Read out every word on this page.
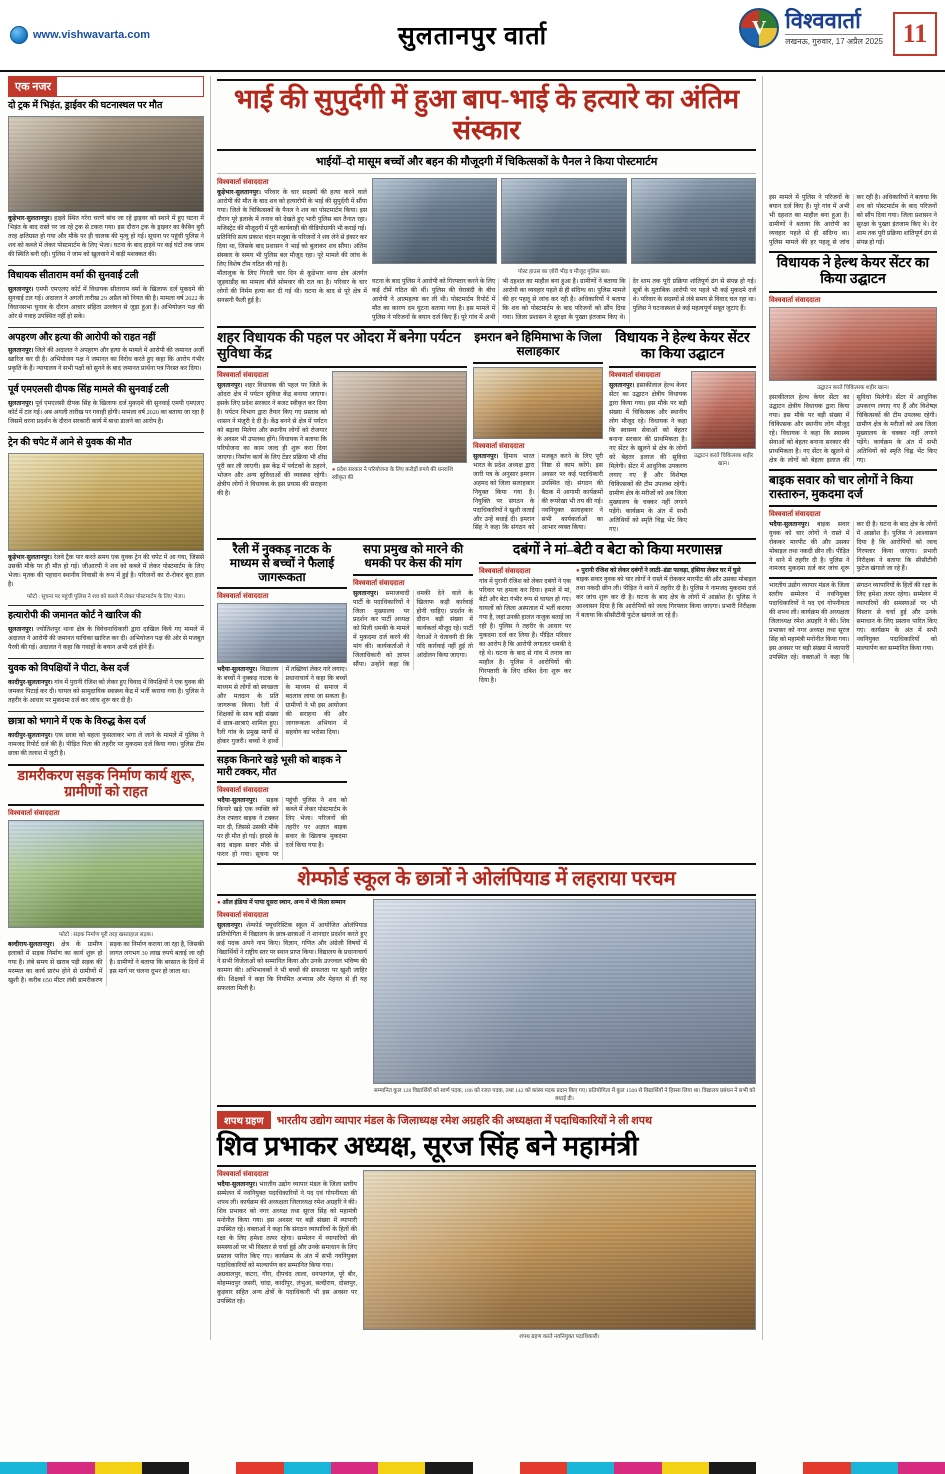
www.vishwavarta.com	सुलतानपुर वार्ता	V विश्ववार्ता
लखनऊ, गुरुवार, 17 अप्रैल 2025 11
एक नजर
दो ट्रक में भिड़ंत, ड्राईवर की घटनास्थल पर मौत
कूड़ेभार-सुलतानपुर। हाइवे स्थित गरेरा चरणे बांध जा रहे ड्राइवर को स्थाने में हुए घटना में भिड़ंत के बाद रास्ते पर जा रहे ट्रक से टकरा गया। इस दौरान ट्रक के ड्राइवर का कैबिन बुरी तरह क्षतिग्रस्त हो गया और मौके पर ही चालक की मृत्यु हो गई। सूचना पर पहुंची पुलिस ने शव को कब्जे में लेकर पोस्टमार्टम के लिए भेजा। घटना के बाद हाइवे पर कई घंटों तक जाम की स्थिति बनी रही। पुलिस ने जाम को खुलवाने में कड़ी मशक्कत की।
विधायक सीताराम वर्मा की सुनवाई टली
सुलतानपुर। एमपी एमएलए कोर्ट में विधायक सीताराम वर्मा के खिलाफ दर्ज मुकदमे की सुनवाई टल गई। अदालत ने अगली तारीख 29 अप्रैल को नियत की है। मामला वर्ष 2022 के विधानसभा चुनाव के दौरान आचार संहिता उल्लंघन से जुड़ा हुआ है। अभियोजन पक्ष की ओर से गवाह उपस्थित नहीं हो सके।
अपहरण और हत्या की आरोपी को राहत नहीं
सुलतानपुर। जिले की अदालत ने अपहरण और हत्या के मामले में आरोपी की जमानत अर्जी खारिज कर दी है। अभियोजन पक्ष ने जमानत का विरोध करते हुए कहा कि आरोप गंभीर प्रकृति के हैं। न्यायालय ने सभी पक्षों को सुनने के बाद जमानत प्रार्थना पत्र निरस्त कर दिया।
पूर्व एमएलसी दीपक सिंह मामले की सुनवाई टली
सुलतानपुर। पूर्व एमएलसी दीपक सिंह के खिलाफ दर्ज मुकदमे की सुनवाई एमपी एमएलए कोर्ट में टल गई। अब अगली तारीख पर गवाही होगी। मामला वर्ष 2020 का बताया जा रहा है जिसमें धरना प्रदर्शन के दौरान सरकारी कार्य में बाधा डालने का आरोप है।
ट्रेन की चपेट में आने से युवक की मौत
कूड़ेभार-सुलतानपुर। रेलवे ट्रैक पार करते समय एक युवक ट्रेन की चपेट में आ गया, जिससे उसकी मौके पर ही मौत हो गई। जीआरपी ने शव को कब्जे में लेकर पोस्टमार्टम के लिए भेजा। मृतक की पहचान स्थानीय निवासी के रूप में हुई है। परिजनों का रो-रोकर बुरा हाल है।
फोटो : सूचना पर पहुंची पुलिस ने शव को कब्जे में लेकर पोस्टमार्टम के लिए भेजा।
हत्यारोपी की जमानत कोर्ट ने खारिज की
सुलतानपुर। ज्योतिशपुर थाना क्षेत्र के विवेचनाधिकारी द्वारा दाखिल किये गए मामले में अदालत ने आरोपी की जमानत याचिका खारिज कर दी। अभियोजन पक्ष की ओर से मजबूत पैरवी की गई। अदालत ने कहा कि गवाहों के बयान अभी दर्ज होने हैं।
युवक को विपक्षियों ने पीटा, केस दर्ज
कादीपुर-सुलतानपुर। गांव में पुरानी रंजिश को लेकर हुए विवाद में विपक्षियों ने एक युवक की जमकर पिटाई कर दी। घायल को सामुदायिक स्वास्थ्य केंद्र में भर्ती कराया गया है। पुलिस ने तहरीर के आधार पर मुकदमा दर्ज कर जांच शुरू कर दी है।
छात्रा को भगाने में एक के विरुद्ध केस दर्ज
कादीपुर-सुलतानपुर। एक छात्रा को बहला फुसलाकर भगा ले जाने के मामले में पुलिस ने नामजद रिपोर्ट दर्ज की है। पीड़ित पिता की तहरीर पर मुकदमा दर्ज किया गया। पुलिस टीम छात्रा की तलाश में जुटी है।
डामरीकरण सड़क निर्माण कार्य शुरू, ग्रामीणों को राहत
विश्ववार्ता संवाददाता
फोटो : सड़क निर्माण पूरी तरह खस्ताहाल सड़क।
बल्दीराय-सुलतानपुर। क्षेत्र के ग्रामीण इलाकों में सड़क निर्माण का कार्य शुरू हो गया है। लंबे समय से खराब पड़ी सड़क की मरम्मत का कार्य प्रारंभ होने से ग्रामीणों में खुशी है। करीब 650 मीटर लंबी डामरीकरण सड़क का निर्माण कराया जा रहा है, जिसकी लागत लगभग 30 लाख रुपये बताई जा रही है। ग्रामीणों ने बताया कि बरसात के दिनों में इस मार्ग पर चलना दूभर हो जाता था।
भाई की सुपुर्दगी में हुआ बाप-भाई के हत्यारे का अंतिम संस्कार
भाईयों–दो मासूम बच्चों और बहन की मौजूदगी में चिकित्सकों के पैनल ने किया पोस्टमार्टम
विश्ववार्ता संवाददाता
कूड़ेभार-सुलतानपुर। परिवार के चार सदस्यों की हत्या करने वाले आरोपी की मौत के बाद शव को हत्यारोपी के भाई की सुपुर्दगी में सौंपा गया। जिले के चिकित्सकों के पैनल ने शव का पोस्टमार्टम किया। इस दौरान पूरे इलाके में तनाव को देखते हुए भारी पुलिस बल तैनात रहा। मजिस्ट्रेट की मौजूदगी में पूरी कार्यवाही की वीडियोग्राफी भी कराई गई।
प्रतिनिधि सत्य प्रकाश चंदन मजूबा के परिजनों ने शव लेने से इंकार कर दिया था, जिसके बाद प्रशासन ने भाई को बुलाकर शव सौंपा। अंतिम संस्कार के समय भी पुलिस बल मौजूद रहा। पूरे मामले की जांच के लिए विशेष टीम गठित की गई है।
मौतालुक के लिए गिनती चार दिन से कूड़ेभार थाना क्षेत्र अंतर्गत जुड़वाडीह का मामला बीते सोमवार की रात का है। परिवार के चार लोगों की निर्मम हत्या कर दी गई थी। घटना के बाद से पूरे क्षेत्र में सनसनी फैली हुई है।
पोस्ट हाउस का ज़ोरी भीड़ व मौजूद पुलिस बल।
घटना के बाद पुलिस ने आरोपी को गिरफ्तार करने के लिए कई टीमें गठित की थीं। पुलिस की घेराबंदी के बीच आरोपी ने आत्महत्या कर ली थी। पोस्टमार्टम रिपोर्ट में मौत का कारण दम घुटना बताया गया है। इस मामले में पुलिस ने परिजनों के बयान दर्ज किए हैं। पूरे गांव में अभी भी दहशत का माहौल बना हुआ है। ग्रामीणों ने बताया कि आरोपी का व्यवहार पहले से ही संदिग्ध था। पुलिस मामले की हर पहलू से जांच कर रही है। अधिकारियों ने बताया कि शव को पोस्टमार्टम के बाद परिजनों को सौंप दिया गया। जिला प्रशासन ने सुरक्षा के पुख्ता इंतजाम किए थे। देर शाम तक पूरी प्रक्रिया शांतिपूर्ण ढंग से संपन्न हो गई। सूत्रों के मुताबिक आरोपी पर पहले भी कई मुकदमे दर्ज थे। परिवार के सदस्यों से लंबे समय से विवाद चल रहा था। पुलिस ने घटनास्थल से कई महत्वपूर्ण सबूत जुटाए हैं।
शहर विधायक की पहल पर ओदरा में बनेगा पर्यटन सुविधा केंद्र
विश्ववार्ता संवाददाता
सुलतानपुर। शहर विधायक की पहल पर जिले के ओदरा क्षेत्र में पर्यटन सुविधा केंद्र बनाया जाएगा। इसके लिए प्रदेश सरकार ने बजट स्वीकृत कर दिया है। पर्यटन विभाग द्वारा तैयार किए गए प्रस्ताव को शासन ने मंजूरी दे दी है। केंद्र बनने से क्षेत्र में पर्यटन को बढ़ावा मिलेगा और स्थानीय लोगों को रोजगार के अवसर भी उपलब्ध होंगे। विधायक ने बताया कि परियोजना का काम जल्द ही शुरू करा दिया जाएगा। निर्माण कार्य के लिए टेंडर प्रक्रिया भी शीघ्र पूरी कर ली जाएगी। इस केंद्र में पर्यटकों के ठहरने, भोजन और अन्य सुविधाओं की व्यवस्था रहेगी। क्षेत्रीय लोगों ने विधायक के इस प्रयास की सराहना की है।
● प्रदेश सरकार ने परियोजना के लिए करोड़ों रुपये की धनराशि स्वीकृत की
इमरान बने हिमिमाभा के जिला सलाहकार
विश्ववार्ता संवाददाता
सुलतानपुर। हिमाय भारत भारत के प्रदेश अध्यक्ष द्वारा जारी पत्र के अनुसार इमरान अहमद को जिला सलाहकार नियुक्त किया गया है। नियुक्ति पर संगठन के पदाधिकारियों ने खुशी जताई और उन्हें बधाई दी। इमरान सिंह ने कहा कि संगठन को मजबूत करने के लिए पूरी निष्ठा से काम करेंगे। इस अवसर पर कई पदाधिकारी उपस्थित रहे। संगठन की बैठक में आगामी कार्यक्रमों की रूपरेखा भी तय की गई। नवनियुक्त सलाहकार ने सभी कार्यकर्ताओं का आभार व्यक्त किया।
विधायक ने हेल्थ केयर सेंटर का किया उद्घाटन
विश्ववार्ता संवाददाता
सुलतानपुर। इसाकीलाल हेल्थ केयर सेंटर का उद्घाटन क्षेत्रीय विधायक द्वारा किया गया। इस मौके पर बड़ी संख्या में चिकित्सक और स्थानीय लोग मौजूद रहे। विधायक ने कहा कि स्वास्थ्य सेवाओं को बेहतर बनाना सरकार की प्राथमिकता है। नए सेंटर के खुलने से क्षेत्र के लोगों को बेहतर इलाज की सुविधा मिलेगी। सेंटर में आधुनिक उपकरण लगाए गए हैं और विशेषज्ञ चिकित्सकों की टीम उपलब्ध रहेगी। ग्रामीण क्षेत्र के मरीजों को अब जिला मुख्यालय के चक्कर नहीं लगाने पड़ेंगे। कार्यक्रम के अंत में सभी अतिथियों को स्मृति चिह्न भेंट किए गए।
उद्घाटन करते चिकित्सक शहीर खान।
रैली में नुक्कड़ नाटक के माध्यम से बच्चों ने फैलाई जागरूकता
विश्ववार्ता संवाददाता
भदैया-सुलतानपुर। विद्यालय के बच्चों ने नुक्कड़ नाटक के माध्यम से लोगों को स्वच्छता और मतदान के प्रति जागरूक किया। रैली में शिक्षकों के साथ बड़ी संख्या में छात्र-छात्राएं शामिल हुए। रैली गांव के प्रमुख मार्गों से होकर गुजरी। बच्चों ने हाथों में तख्तियां लेकर नारे लगाए। प्रधानाचार्य ने कहा कि बच्चों के माध्यम से समाज में बदलाव लाया जा सकता है। ग्रामीणों ने भी इस आयोजन की सराहना की और जागरूकता अभियान में सहयोग का भरोसा दिया।
सड़क किनारे खड़े भूसी को बाइक ने मारी टक्कर, मौत
विश्ववार्ता संवाददाता
भदैया-सुलतानपुर। सड़क किनारे खड़े एक व्यक्ति को तेज रफ्तार बाइक ने टक्कर मार दी, जिससे उसकी मौके पर ही मौत हो गई। हादसे के बाद बाइक सवार मौके से फरार हो गया। सूचना पर पहुंची पुलिस ने शव को कब्जे में लेकर पोस्टमार्टम के लिए भेजा। परिजनों की तहरीर पर अज्ञात बाइक सवार के खिलाफ मुकदमा दर्ज किया गया है।
सपा प्रमुख को मारने की धमकी पर केस की मांग
विश्ववार्ता संवाददाता
सुलतानपुर। समाजवादी पार्टी के पदाधिकारियों ने जिला मुख्यालय पर प्रदर्शन कर पार्टी अध्यक्ष को मिली धमकी के मामले में मुकदमा दर्ज करने की मांग की। कार्यकर्ताओं ने जिलाधिकारी को ज्ञापन सौंपा। उन्होंने कहा कि धमकी देने वाले के खिलाफ कड़ी कार्रवाई होनी चाहिए। प्रदर्शन के दौरान बड़ी संख्या में कार्यकर्ता मौजूद रहे। पार्टी नेताओं ने चेतावनी दी कि यदि कार्रवाई नहीं हुई तो आंदोलन किया जाएगा।
दबंगों ने मां–बेटी व बेटा को किया मरणासन्न
विश्ववार्ता संवाददाता
गांव में पुरानी रंजिश को लेकर दबंगों ने एक परिवार पर हमला कर दिया। हमले में मां, बेटी और बेटा गंभीर रूप से घायल हो गए। घायलों को जिला अस्पताल में भर्ती कराया गया है, जहां उनकी हालत नाजुक बताई जा रही है। पुलिस ने तहरीर के आधार पर मुकदमा दर्ज कर लिया है। पीड़ित परिवार का आरोप है कि आरोपी लगातार धमकी दे रहे थे। घटना के बाद से गांव में तनाव का माहौल है। पुलिस ने आरोपियों की गिरफ्तारी के लिए दबिश देना शुरू कर दिया है।
● पुरानी रंजिश को लेकर दबंगों ने लाठी–डंडा फावड़ा, हंसिया लेकर घर में घुसे
बाइक सवार युवक को चार लोगों ने रास्ते में रोककर मारपीट की और उसका मोबाइल तथा नकदी छीन ली। पीड़ित ने थाने में तहरीर दी है। पुलिस ने नामजद मुकदमा दर्ज कर जांच शुरू कर दी है। घटना के बाद क्षेत्र के लोगों में आक्रोश है। पुलिस ने आश्वासन दिया है कि आरोपियों को जल्द गिरफ्तार किया जाएगा। प्रभारी निरीक्षक ने बताया कि सीसीटीवी फुटेज खंगाले जा रहे हैं।
शेम्फोर्ड स्कूल के छात्रों ने ओलंपियाड में लहराया परचम
● ऑल इंडिया में पाया दूसरा स्थान, अन्य में भी मिला सम्मान
विश्ववार्ता संवाददाता
सुलतानपुर। शेम्फोर्ड फ्यूचरिस्टिक स्कूल में आयोजित ओलंपियाड प्रतियोगिता में विद्यालय के छात्र-छात्राओं ने शानदार प्रदर्शन करते हुए कई पदक अपने नाम किए। विज्ञान, गणित और अंग्रेजी विषयों में विद्यार्थियों ने राष्ट्रीय स्तर पर स्थान प्राप्त किया। विद्यालय के प्रधानाचार्य ने सभी विजेताओं को सम्मानित किया और उनके उज्ज्वल भविष्य की कामना की। अभिभावकों ने भी बच्चों की सफलता पर खुशी जाहिर की। शिक्षकों ने कहा कि नियमित अभ्यास और मेहनत से ही यह सफलता मिली है।
सम्मानित कुल 128 विद्यार्थियों को स्वर्ण पदक, 186 को रजत पदक, तथा 142 को कांस्य पदक प्रदान किए गए। प्रतियोगिता में कुल 1500 से विद्यार्थियों ने हिस्सा लिया था। विद्यालय प्रबंधन ने सभी को बधाई दी।
शपथ ग्रहण	भारतीय उद्योग व्यापार मंडल के जिलाध्यक्ष रमेश अग्रहरि की अध्यक्षता में पदाधिकारियों ने ली शपथ
शिव प्रभाकर अध्यक्ष, सूरज सिंह बने महामंत्री
विश्ववार्ता संवाददाता
भदैया-सुलतानपुर। भारतीय उद्योग व्यापार मंडल के जिला स्तरीय सम्मेलन में नवनियुक्त पदाधिकारियों ने पद एवं गोपनीयता की शपथ ली। कार्यक्रम की अध्यक्षता जिलाध्यक्ष रमेश अग्रहरि ने की। शिव प्रभाकर को नगर अध्यक्ष तथा सूरज सिंह को महामंत्री मनोनीत किया गया। इस अवसर पर बड़ी संख्या में व्यापारी उपस्थित रहे। वक्ताओं ने कहा कि संगठन व्यापारियों के हितों की रक्षा के लिए हमेशा तत्पर रहेगा। सम्मेलन में व्यापारियों की समस्याओं पर भी विस्तार से चर्चा हुई और उनके समाधान के लिए प्रस्ताव पारित किए गए। कार्यक्रम के अंत में सभी नवनियुक्त पदाधिकारियों को माल्यार्पण कर सम्मानित किया गया।
अग्रवालपुर, कटरा, गौरा, दीपचंद लाला, धनपतगंज, पूरे बीर, मोहम्मदपुर जसरी, चांदा, कादीपुर, लंभुआ, बल्दीराय, दोस्तपुर, कुड़वार सहित अन्य क्षेत्रों के पदाधिकारी भी इस अवसर पर उपस्थित रहे।
शपथ ग्रहण करते नवनियुक्त पदाधिकारी।
इस मामले में पुलिस ने परिजनों के बयान दर्ज किए हैं। पूरे गांव में अभी भी दहशत का माहौल बना हुआ है। ग्रामीणों ने बताया कि आरोपी का व्यवहार पहले से ही संदिग्ध था। पुलिस मामले की हर पहलू से जांच कर रही है। अधिकारियों ने बताया कि शव को पोस्टमार्टम के बाद परिजनों को सौंप दिया गया। जिला प्रशासन ने सुरक्षा के पुख्ता इंतजाम किए थे। देर शाम तक पूरी प्रक्रिया शांतिपूर्ण ढंग से संपन्न हो गई।
विधायक ने हेल्थ केयर सेंटर का किया उद्घाटन
विश्ववार्ता संवाददाता
उद्घाटन करते चिकित्सक शहीर खान।
इसाकीलाल हेल्थ केयर सेंटर का उद्घाटन क्षेत्रीय विधायक द्वारा किया गया। इस मौके पर बड़ी संख्या में चिकित्सक और स्थानीय लोग मौजूद रहे। विधायक ने कहा कि स्वास्थ्य सेवाओं को बेहतर बनाना सरकार की प्राथमिकता है। नए सेंटर के खुलने से क्षेत्र के लोगों को बेहतर इलाज की सुविधा मिलेगी। सेंटर में आधुनिक उपकरण लगाए गए हैं और विशेषज्ञ चिकित्सकों की टीम उपलब्ध रहेगी। ग्रामीण क्षेत्र के मरीजों को अब जिला मुख्यालय के चक्कर नहीं लगाने पड़ेंगे। कार्यक्रम के अंत में सभी अतिथियों को स्मृति चिह्न भेंट किए गए।
बाइक सवार को चार लोगों ने किया रास्तारुन, मुकदमा दर्ज
विश्ववार्ता संवाददाता
भदैया-सुलतानपुर। बाइक सवार युवक को चार लोगों ने रास्ते में रोककर मारपीट की और उसका मोबाइल तथा नकदी छीन ली। पीड़ित ने थाने में तहरीर दी है। पुलिस ने नामजद मुकदमा दर्ज कर जांच शुरू कर दी है। घटना के बाद क्षेत्र के लोगों में आक्रोश है। पुलिस ने आश्वासन दिया है कि आरोपियों को जल्द गिरफ्तार किया जाएगा। प्रभारी निरीक्षक ने बताया कि सीसीटीवी फुटेज खंगाले जा रहे हैं।
भारतीय उद्योग व्यापार मंडल के जिला स्तरीय सम्मेलन में नवनियुक्त पदाधिकारियों ने पद एवं गोपनीयता की शपथ ली। कार्यक्रम की अध्यक्षता जिलाध्यक्ष रमेश अग्रहरि ने की। शिव प्रभाकर को नगर अध्यक्ष तथा सूरज सिंह को महामंत्री मनोनीत किया गया। इस अवसर पर बड़ी संख्या में व्यापारी उपस्थित रहे। वक्ताओं ने कहा कि संगठन व्यापारियों के हितों की रक्षा के लिए हमेशा तत्पर रहेगा। सम्मेलन में व्यापारियों की समस्याओं पर भी विस्तार से चर्चा हुई और उनके समाधान के लिए प्रस्ताव पारित किए गए। कार्यक्रम के अंत में सभी नवनियुक्त पदाधिकारियों को माल्यार्पण कर सम्मानित किया गया।
